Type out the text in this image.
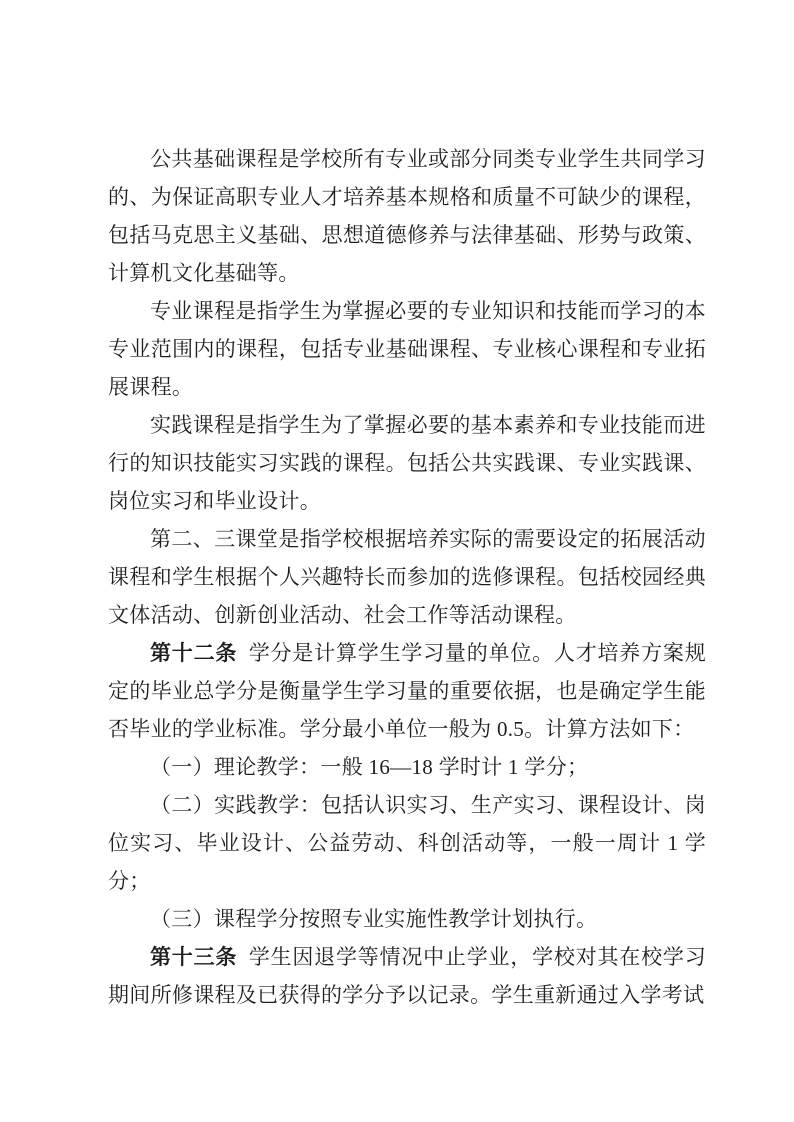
公共基础课程是学校所有专业或部分同类专业学生共同学习的、为保证高职专业人才培养基本规格和质量不可缺少的课程，包括马克思主义基础、思想道德修养与法律基础、形势与政策、计算机文化基础等。

专业课程是指学生为掌握必要的专业知识和技能而学习的本专业范围内的课程，包括专业基础课程、专业核心课程和专业拓展课程。

实践课程是指学生为了掌握必要的基本素养和专业技能而进行的知识技能实习实践的课程。包括公共实践课、专业实践课、岗位实习和毕业设计。

第二、三课堂是指学校根据培养实际的需要设定的拓展活动课程和学生根据个人兴趣特长而参加的选修课程。包括校园经典文体活动、创新创业活动、社会工作等活动课程。

第十二条 学分是计算学生学习量的单位。人才培养方案规定的毕业总学分是衡量学生学习量的重要依据，也是确定学生能否毕业的学业标准。学分最小单位一般为 0.5。计算方法如下：

（一）理论教学：一般 16—18 学时计 1 学分；

（二）实践教学：包括认识实习、生产实习、课程设计、岗位实习、毕业设计、公益劳动、科创活动等，一般一周计 1 学分；

（三）课程学分按照专业实施性教学计划执行。

第十三条 学生因退学等情况中止学业，学校对其在校学习期间所修课程及已获得的学分予以记录。学生重新通过入学考试
